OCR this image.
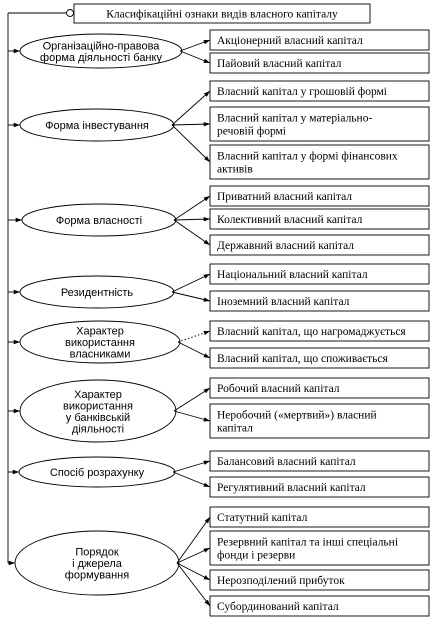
Класифікаційні ознаки видів власного капіталу
Організаційно-правова форма діяльності банку
Акціонерний власний капітал
Пайовий власний капітал
Форма інвестування
Власний капітал у грошовій формі
Власний капітал у матеріально-речовій формі
Власний капітал у формі фінансових активів
Форма власності
Приватний власний капітал
Колективний власний капітал
Державний власний капітал
Резидентність
Національний власний капітал
Іноземний власний капітал
Характер використання власниками
Власний капітал, що нагромаджується
Власний капітал, що споживається
Характер використання у банківській діяльності
Робочий власний капітал
Неробочий («мертвий») власний капітал
Спосіб розрахунку
Балансовий власний капітал
Регулятивний власний капітал
Порядок і джерела формування
Статутний капітал
Резервний капітал та інші спеціальні фонди і резерви
Нерозподілений прибуток
Субординований капітал
